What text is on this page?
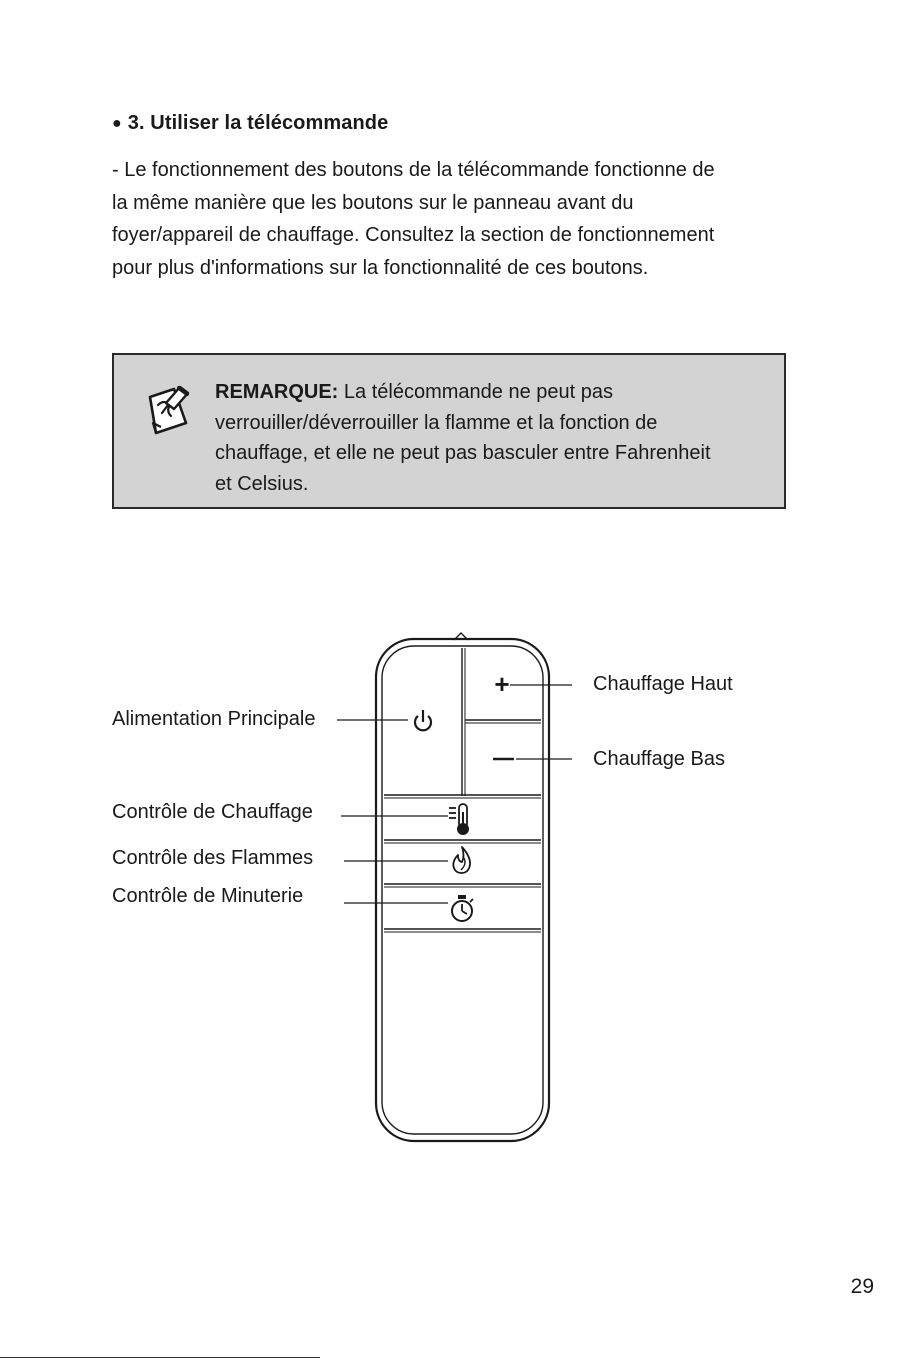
● 3. Utiliser la télécommande
- Le fonctionnement des boutons de la télécommande fonctionne de
la même manière que les boutons sur le panneau avant du
foyer/appareil de chauffage. Consultez la section de fonctionnement
pour plus d'informations sur la fonctionnalité de ces boutons.
REMARQUE: La télécommande ne peut pas
verrouiller/déverrouiller la flamme et la fonction de
chauffage, et elle ne peut pas basculer entre Fahrenheit
et Celsius.
+	Chauffage Haut
Chauffage Bas
Alimentation Principale
Contrôle de Chauffage
Contrôle des Flammes
Contrôle de Minuterie
29
